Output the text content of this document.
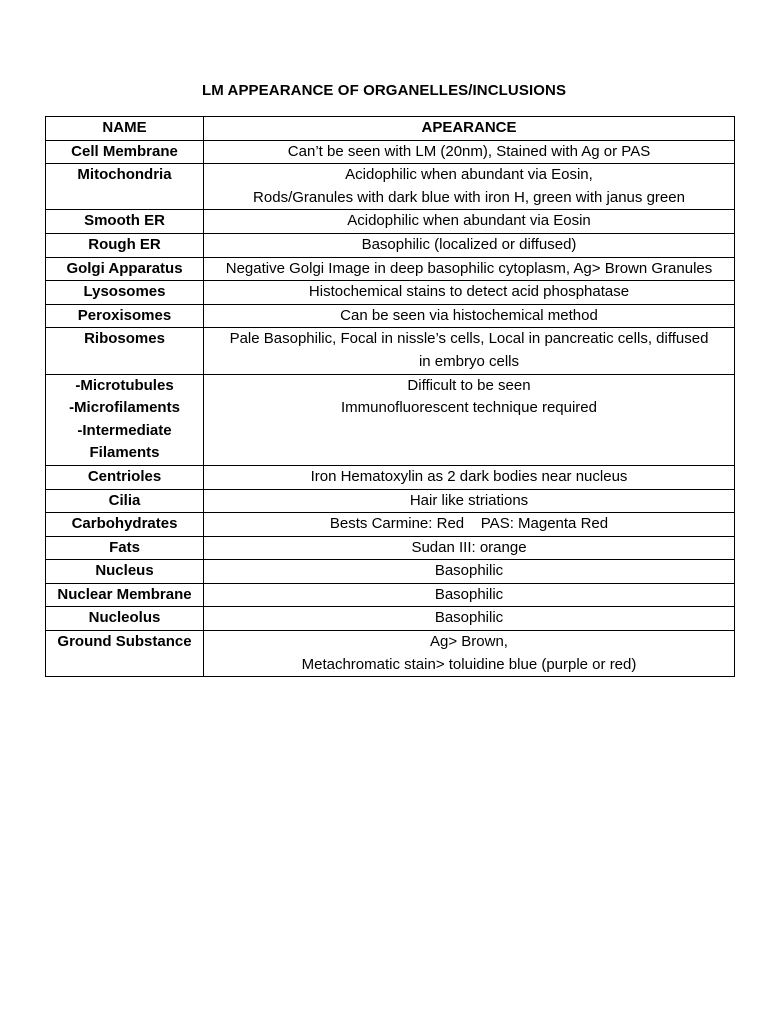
LM APPEARANCE OF ORGANELLES/INCLUSIONS
NAME	APEARANCE

Cell Membrane	Can’t be seen with LM (20nm), Stained with Ag or PAS

Mitochondria	Acidophilic when abundant via Eosin,
Rods/Granules with dark blue with iron H, green with janus green

Smooth ER	Acidophilic when abundant via Eosin

Rough ER	Basophilic (localized or diffused)

Golgi Apparatus	Negative Golgi Image in deep basophilic cytoplasm, Ag> Brown Granules

Lysosomes	Histochemical stains to detect acid phosphatase

Peroxisomes	Can be seen via histochemical method

Ribosomes	Pale Basophilic, Focal in nissle’s cells, Local in pancreatic cells, diffused
in embryo cells

-Microtubules
-Microfilaments
-Intermediate
Filaments	Difficult to be seen
Immunofluorescent technique required

Centrioles	Iron Hematoxylin as 2 dark bodies near nucleus

Cilia	Hair like striations

Carbohydrates	Bests Carmine: Red    PAS: Magenta Red

Fats	Sudan III: orange

Nucleus	Basophilic

Nuclear Membrane	Basophilic

Nucleolus	Basophilic

Ground Substance	Ag> Brown,
Metachromatic stain> toluidine blue (purple or red)
